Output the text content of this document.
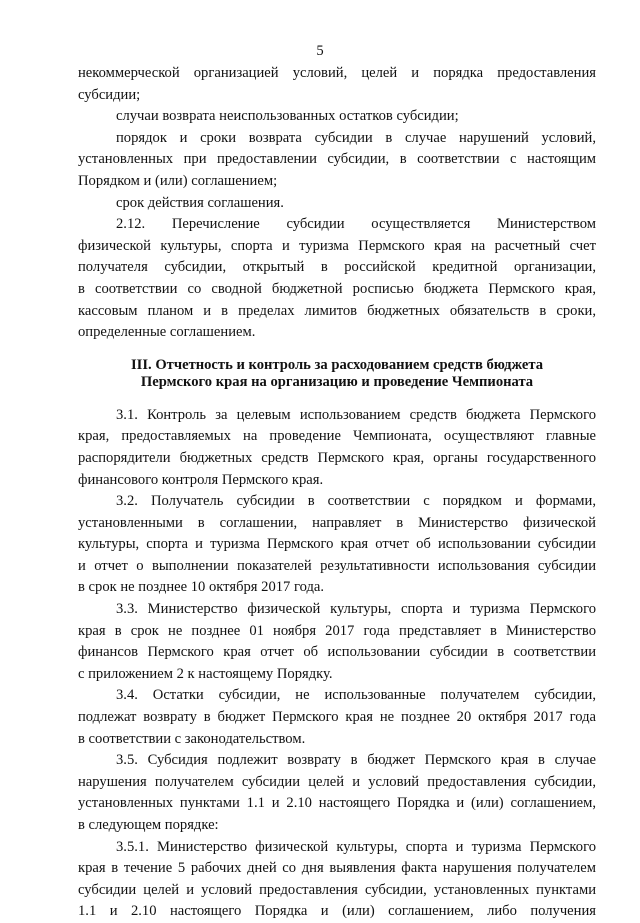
5
некоммерческой организацией условий, целей и порядка предоставления
субсидии;
случаи возврата неиспользованных остатков субсидии;
порядок и сроки возврата субсидии в случае нарушений условий,
установленных при предоставлении субсидии, в соответствии с настоящим
Порядком и (или) соглашением;
срок действия соглашения.
2.12. Перечисление субсидии осуществляется Министерством
физической культуры, спорта и туризма Пермского края на расчетный счет
получателя субсидии, открытый в российской кредитной организации,
в соответствии со сводной бюджетной росписью бюджета Пермского края,
кассовым планом и в пределах лимитов бюджетных обязательств в сроки,
определенные соглашением.
III. Отчетность и контроль за расходованием средств бюджета
Пермского края на организацию и проведение Чемпионата
3.1. Контроль за целевым использованием средств бюджета Пермского
края, предоставляемых на проведение Чемпионата, осуществляют главные
распорядители бюджетных средств Пермского края, органы государственного
финансового контроля Пермского края.
3.2. Получатель субсидии в соответствии с порядком и формами,
установленными в соглашении, направляет в Министерство физической
культуры, спорта и туризма Пермского края отчет об использовании субсидии
и отчет о выполнении показателей результативности использования субсидии
в срок не позднее 10 октября 2017 года.
3.3. Министерство физической культуры, спорта и туризма Пермского
края в срок не позднее 01 ноября 2017 года представляет в Министерство
финансов Пермского края отчет об использовании субсидии в соответствии
с приложением 2 к настоящему Порядку.
3.4. Остатки субсидии, не использованные получателем субсидии,
подлежат возврату в бюджет Пермского края не позднее 20 октября 2017 года
в соответствии с законодательством.
3.5. Субсидия подлежит возврату в бюджет Пермского края в случае
нарушения получателем субсидии целей и условий предоставления субсидии,
установленных пунктами 1.1 и 2.10 настоящего Порядка и (или) соглашением,
в следующем порядке:
3.5.1. Министерство физической культуры, спорта и туризма Пермского
края в течение 5 рабочих дней со дня выявления факта нарушения получателем
субсидии целей и условий предоставления субсидии, установленных пунктами
1.1 и 2.10 настоящего Порядка и (или) соглашением, либо получения
